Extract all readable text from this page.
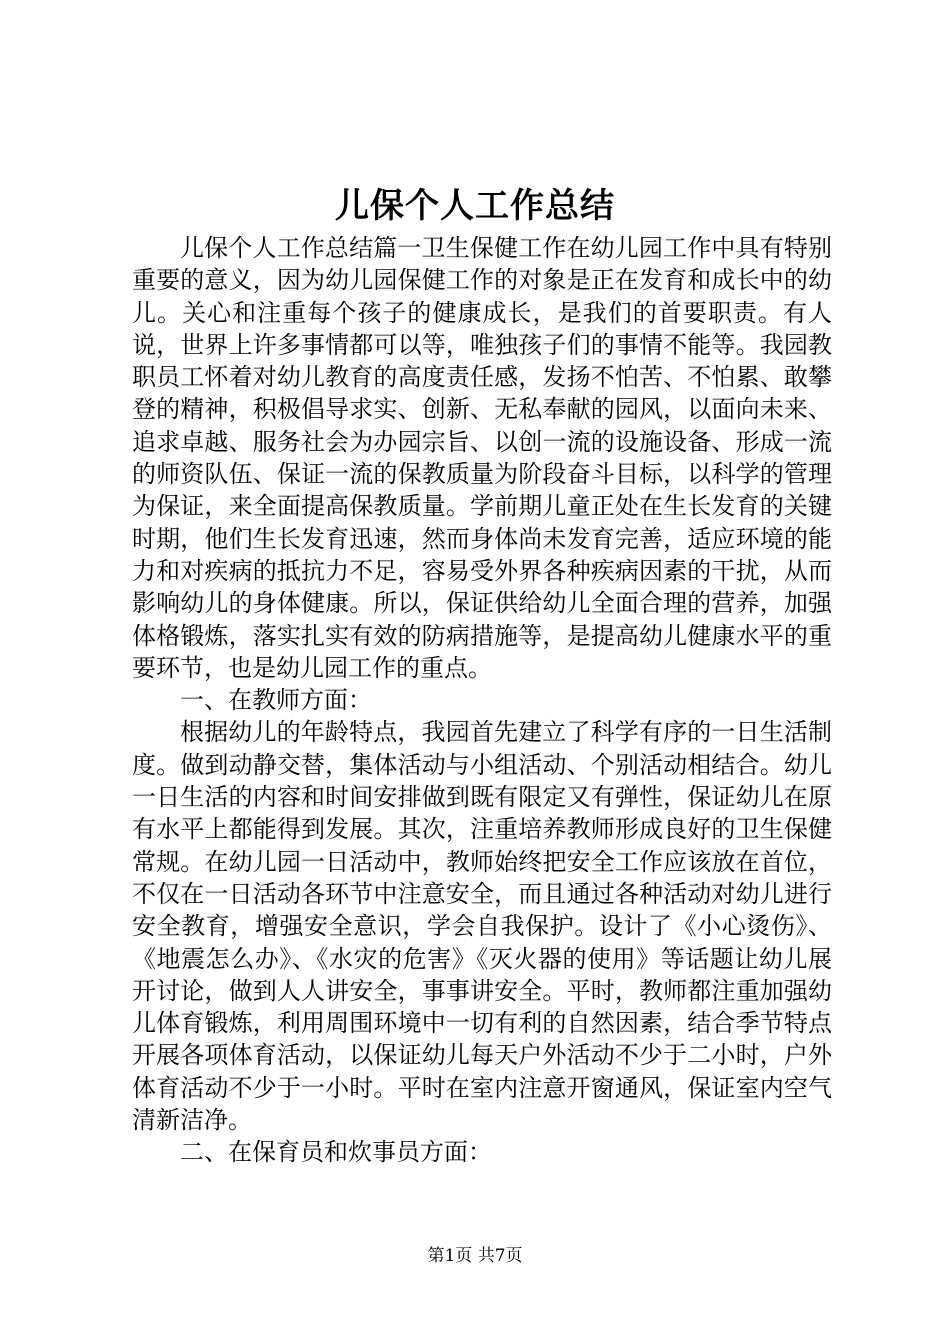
儿保个人工作总结

儿保个人工作总结篇一卫生保健工作在幼儿园工作中具有特别重要的意义，因为幼儿园保健工作的对象是正在发育和成长中的幼儿。关心和注重每个孩子的健康成长，是我们的首要职责。有人说，世界上许多事情都可以等，唯独孩子们的事情不能等。我园教职员工怀着对幼儿教育的高度责任感，发扬不怕苦、不怕累、敢攀登的精神，积极倡导求实、创新、无私奉献的园风，以面向未来、追求卓越、服务社会为办园宗旨、以创一流的设施设备、形成一流的师资队伍、保证一流的保教质量为阶段奋斗目标，以科学的管理为保证，来全面提高保教质量。学前期儿童正处在生长发育的关键时期，他们生长发育迅速，然而身体尚未发育完善，适应环境的能力和对疾病的抵抗力不足，容易受外界各种疾病因素的干扰，从而影响幼儿的身体健康。所以，保证供给幼儿全面合理的营养，加强体格锻炼，落实扎实有效的防病措施等，是提高幼儿健康水平的重要环节，也是幼儿园工作的重点。

一、在教师方面：

根据幼儿的年龄特点，我园首先建立了科学有序的一日生活制度。做到动静交替，集体活动与小组活动、个别活动相结合。幼儿一日生活的内容和时间安排做到既有限定又有弹性，保证幼儿在原有水平上都能得到发展。其次，注重培养教师形成良好的卫生保健常规。在幼儿园一日活动中，教师始终把安全工作应该放在首位，不仅在一日活动各环节中注意安全，而且通过各种活动对幼儿进行安全教育，增强安全意识，学会自我保护。设计了《小心烫伤》、《地震怎么办》、《水灾的危害》《灭火器的使用》等话题让幼儿展开讨论，做到人人讲安全，事事讲安全。平时，教师都注重加强幼儿体育锻炼，利用周围环境中一切有利的自然因素，结合季节特点开展各项体育活动，以保证幼儿每天户外活动不少于二小时，户外体育活动不少于一小时。平时在室内注意开窗通风，保证室内空气清新洁净。

二、在保育员和炊事员方面：

第1页 共7页
